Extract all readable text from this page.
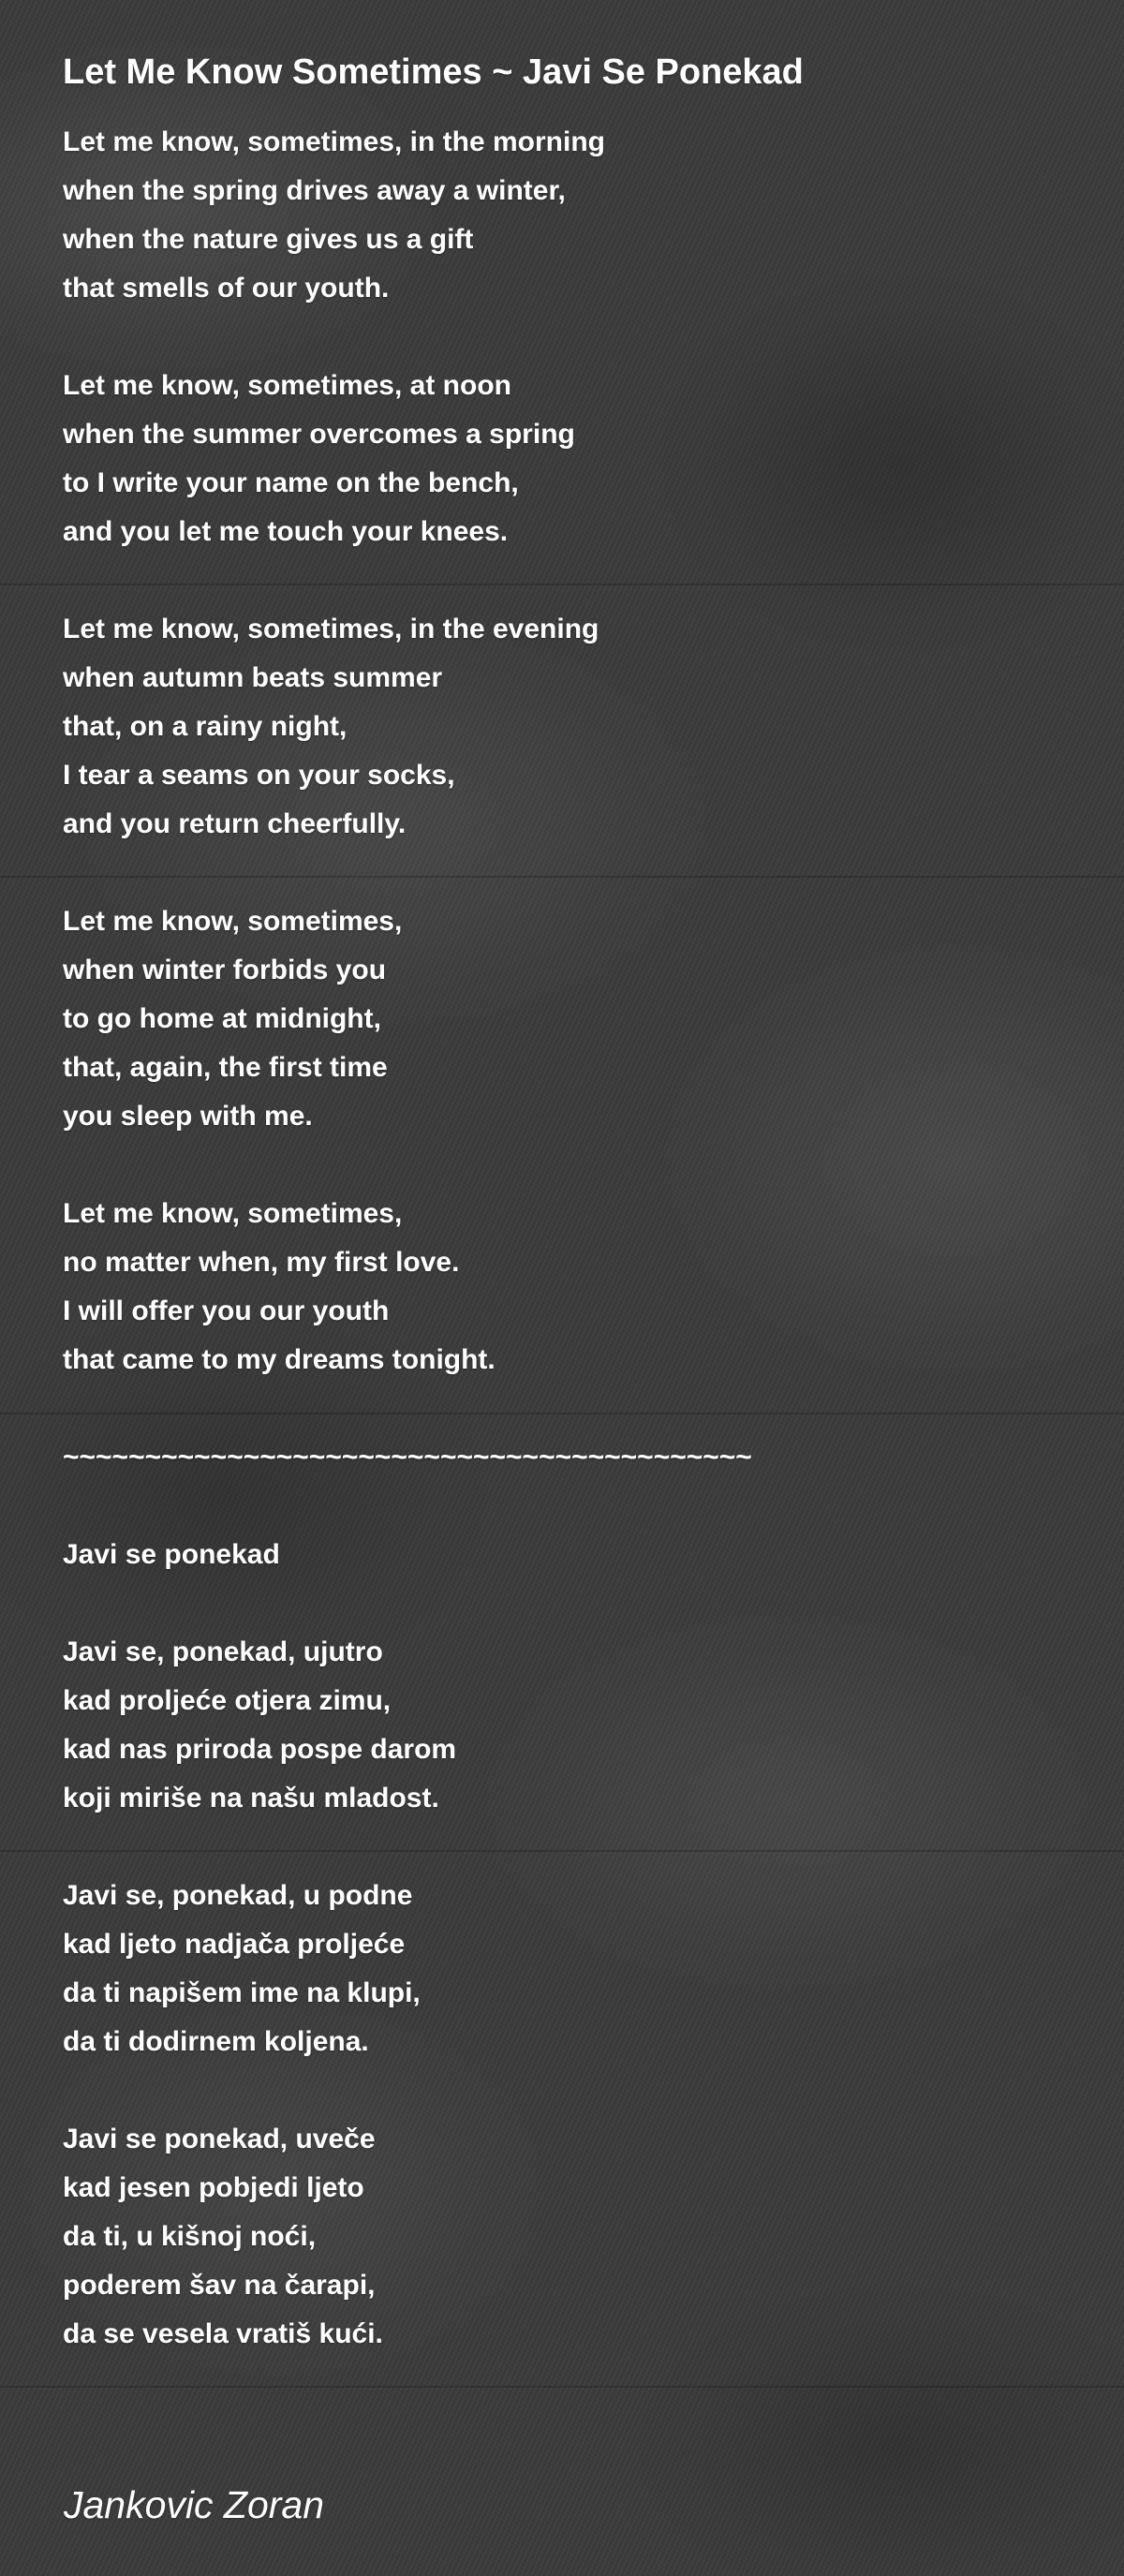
Let Me Know Sometimes ~ Javi Se Ponekad
Let me know, sometimes, in the morning
when the spring drives away a winter,
when the nature gives us a gift
that smells of our youth.
Let me know, sometimes, at noon
when the summer overcomes a spring
to I write your name on the bench,
and you let me touch your knees.
Let me know, sometimes, in the evening
when autumn beats summer
that, on a rainy night,
I tear a seams on your socks,
and you return cheerfully.
Let me know, sometimes,
when winter forbids you
to go home at midnight,
that, again, the first time
you sleep with me.
Let me know, sometimes,
no matter when, my first love.
I will offer you our youth
that came to my dreams tonight.
~~~~~~~~~~~~~~~~~~~~~~~~~~~~~~~~~~~~~~~~~~
Javi se ponekad
Javi se, ponekad, ujutro
kad proljeće otjera zimu,
kad nas priroda pospe darom
koji miriše na našu mladost.
Javi se, ponekad, u podne
kad ljeto nadjača proljeće
da ti napišem ime na klupi,
da ti dodirnem koljena.
Javi se ponekad, uveče
kad jesen pobjedi ljeto
da ti, u kišnoj noći,
poderem šav na čarapi,
da se vesela vratiš kući.
Jankovic Zoran
